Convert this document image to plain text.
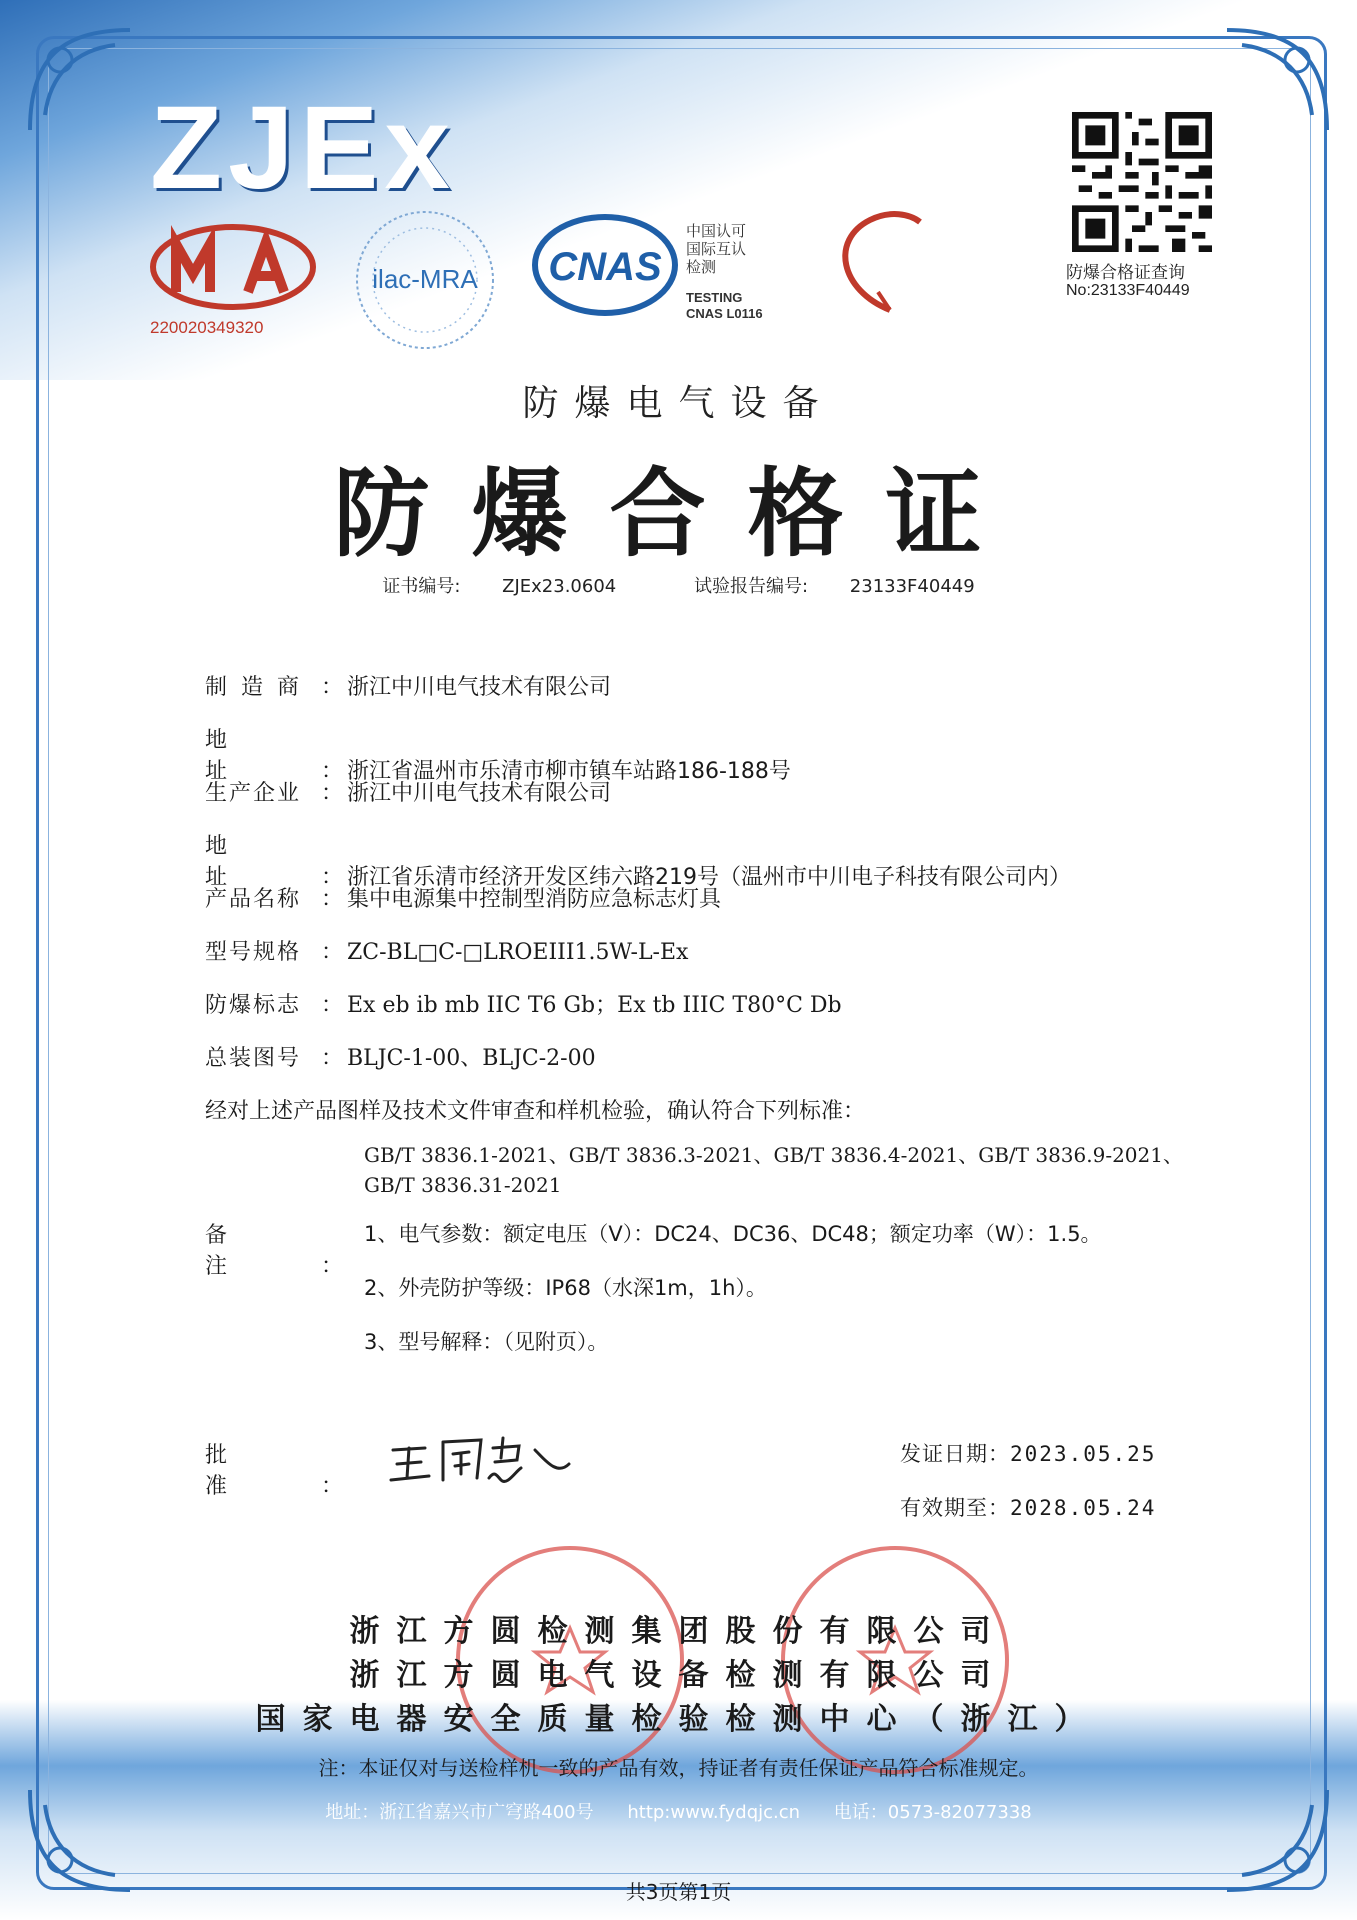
ZJEx
220020349320
ilac-MRA CNAS
中国认可
国际互认
检测
TESTING
CNAS L0116
防爆合格证查询
No:23133F40449
防爆电气设备
防爆合格证
证书编号: ZJEx23.0604	试验报告编号: 23133F40449
制造商 ： 浙江中川电气技术有限公司
地址 ： 浙江省温州市乐清市柳市镇车站路186-188号
生产企业 ： 浙江中川电气技术有限公司
地址 ： 浙江省乐清市经济开发区纬六路219号（温州市中川电子科技有限公司内）
产品名称 ： 集中电源集中控制型消防应急标志灯具
型号规格 ： ZC-BL□C-□LROEIII1.5W-L-Ex
防爆标志 ： Ex eb ib mb IIC T6 Gb；Ex tb IIIC T80°C Db
总装图号 ： BLJC-1-00、BLJC-2-00
经对上述产品图样及技术文件审查和样机检验，确认符合下列标准：
GB/T 3836.1-2021、GB/T 3836.3-2021、GB/T 3836.4-2021、GB/T 3836.9-2021、
GB/T 3836.31-2021
备注 ：
1、电气参数：额定电压（V）：DC24、DC36、DC48；额定功率（W）：1.5。
2、外壳防护等级：IP68（水深1m，1h）。
3、型号解释：（见附页）。
批准 ：
发证日期：2023.05.25
有效期至：2028.05.24
浙江方圆检测集团股份有限公司
浙江方圆电气设备检测有限公司
国家电器安全质量检验检测中心（浙江）
注：本证仅对与送检样机一致的产品有效，持证者有责任保证产品符合标准规定。
地址：浙江省嘉兴市广穹路400号 http:www.fydqjc.cn 电话：0573-82077338
共3页第1页
